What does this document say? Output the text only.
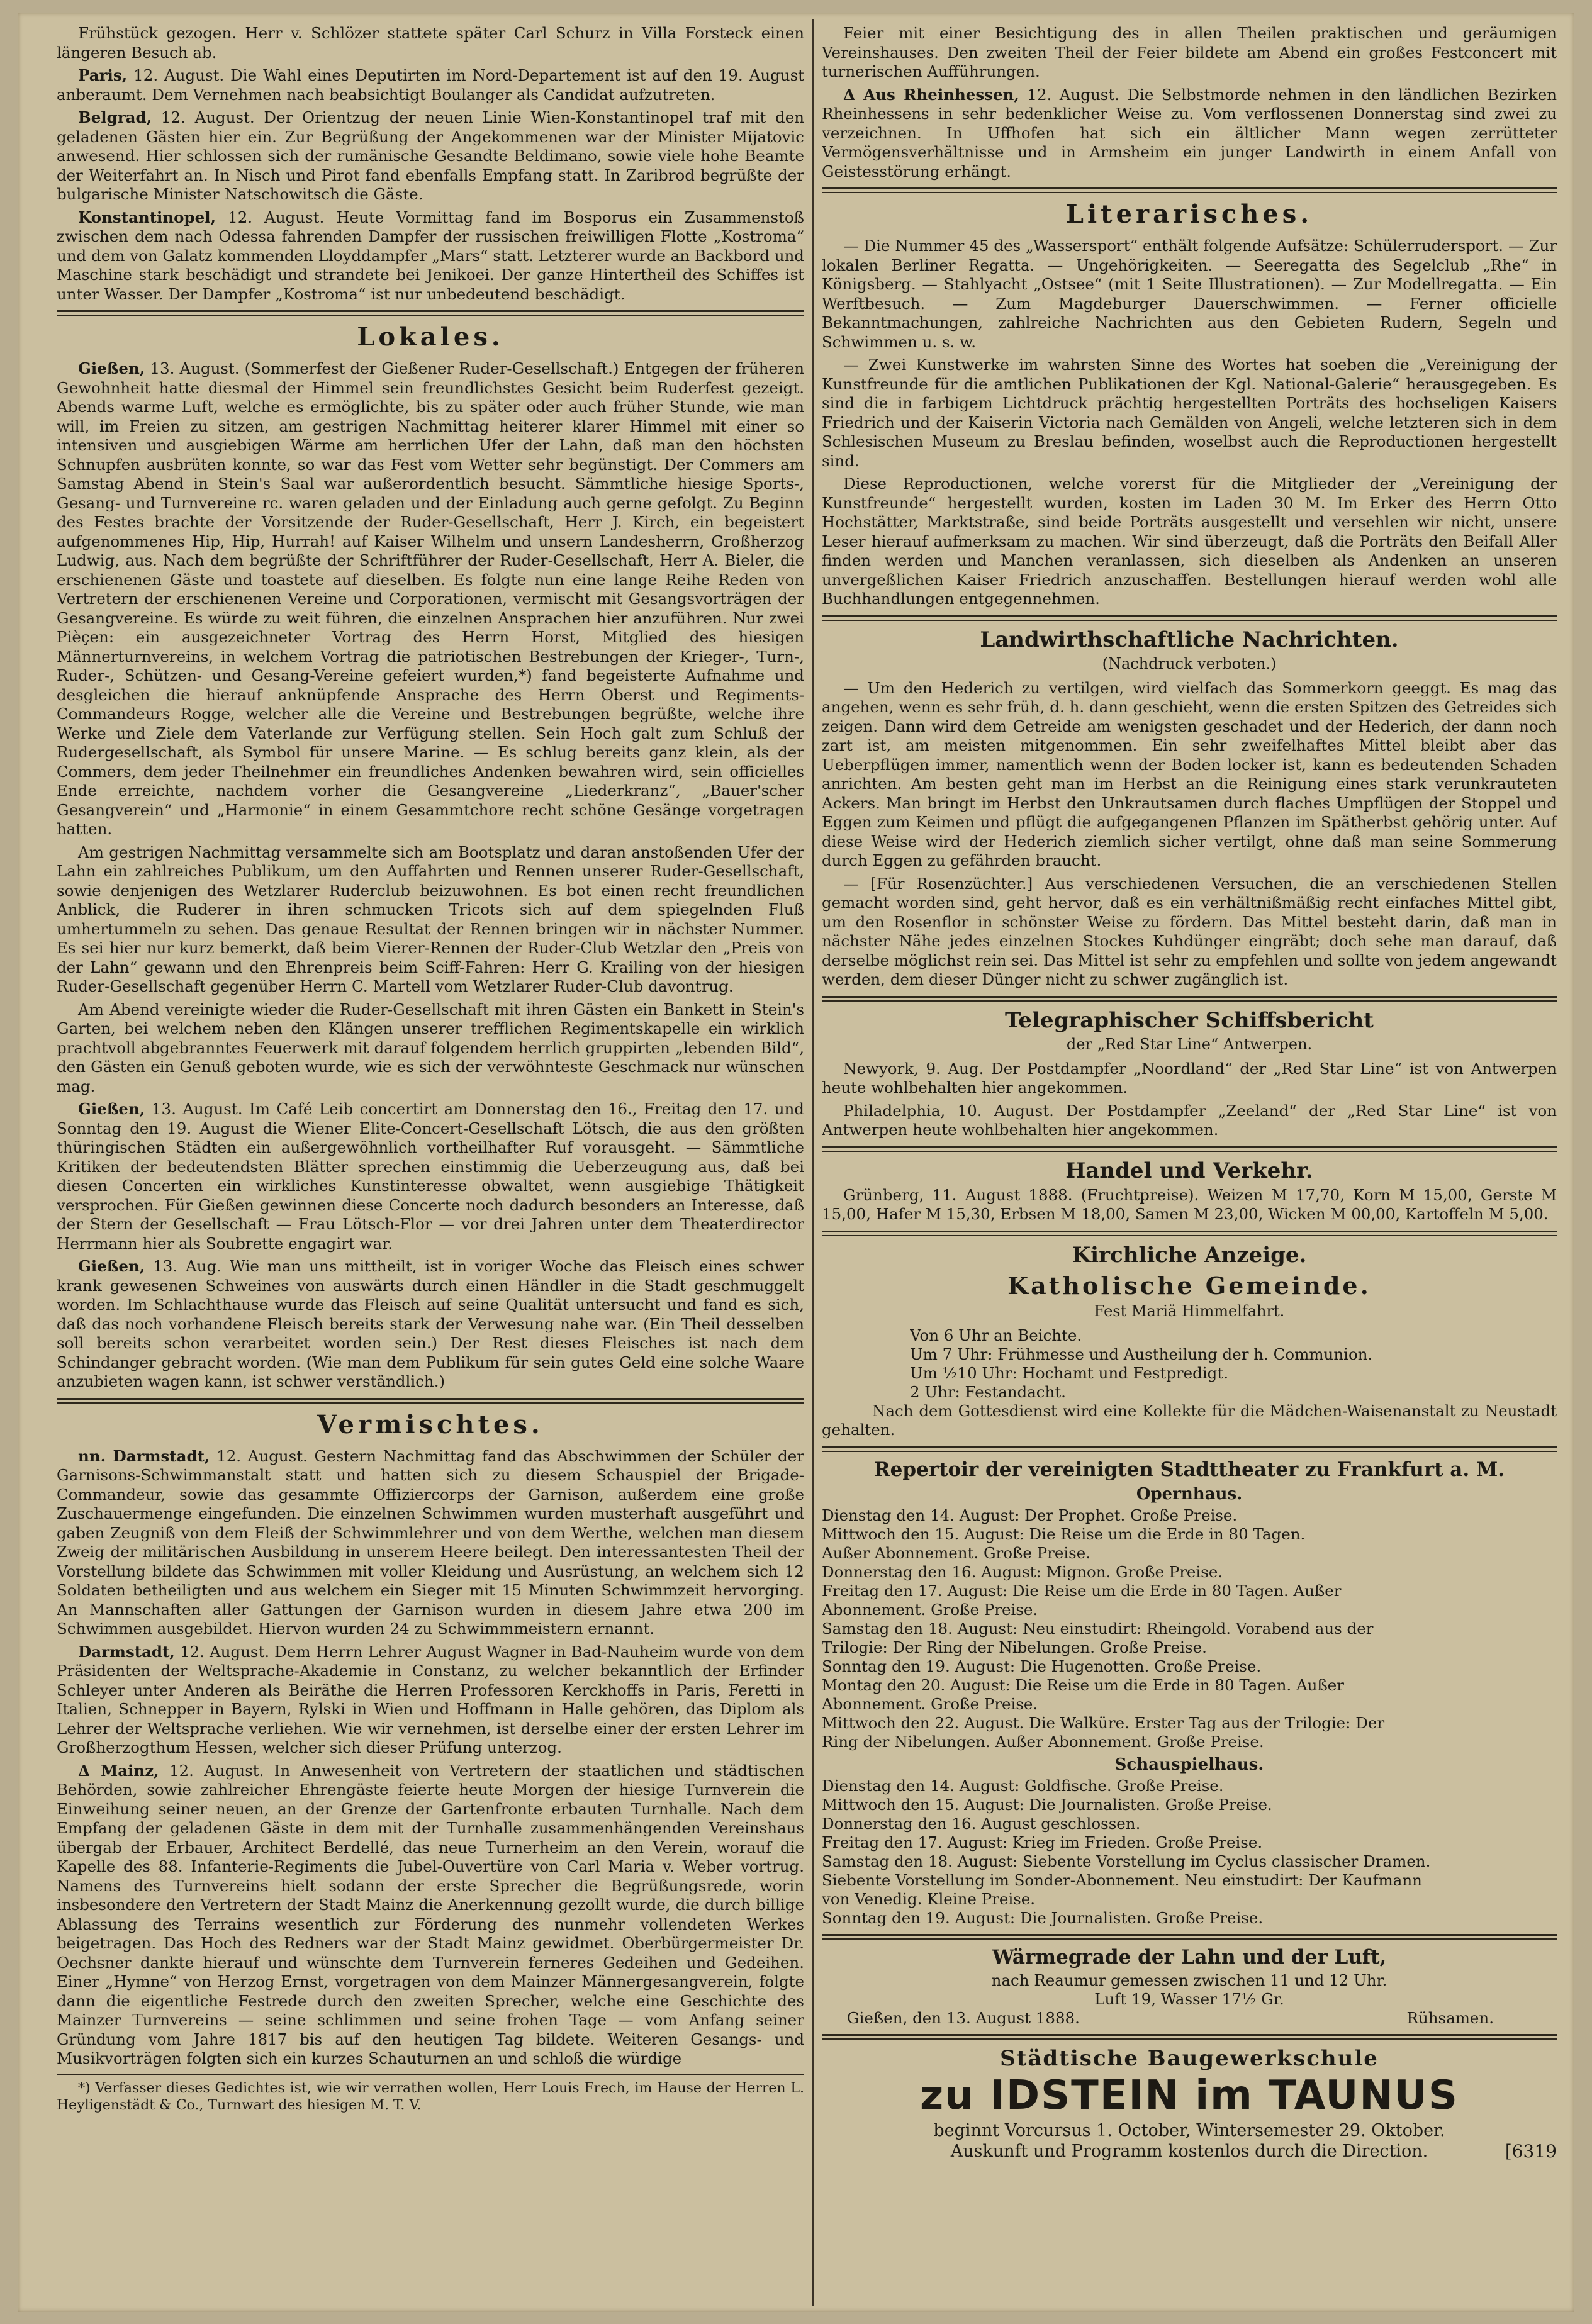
Frühstück gezogen. Herr v. Schlözer stattete später Carl Schurz in Villa Forsteck einen längeren Besuch ab.

Paris, 12. August. Die Wahl eines Deputirten im Nord-Departement ist auf den 19. August anberaumt. Dem Vernehmen nach beabsichtigt Boulanger als Candidat aufzutreten.

Belgrad, 12. August. Der Orientzug der neuen Linie Wien-Konstantinopel traf mit den geladenen Gästen hier ein. Zur Begrüßung der Angekommenen war der Minister Mijatovic anwesend. Hier schlossen sich der rumänische Gesandte Beldimano, sowie viele hohe Beamte der Weiterfahrt an. In Nisch und Pirot fand ebenfalls Empfang statt. In Zaribrod begrüßte der bulgarische Minister Natschowitsch die Gäste.

Konstantinopel, 12. August. Heute Vormittag fand im Bosporus ein Zusammenstoß zwischen dem nach Odessa fahrenden Dampfer der russischen freiwilligen Flotte „Kostroma“ und dem von Galatz kommenden Lloyddampfer „Mars“ statt. Letzterer wurde an Backbord und Maschine stark beschädigt und strandete bei Jenikoei. Der ganze Hintertheil des Schiffes ist unter Wasser. Der Dampfer „Kostroma“ ist nur unbedeutend beschädigt.

Lokales.

Gießen, 13. August. (Sommerfest der Gießener Ruder-Gesellschaft.) Entgegen der früheren Gewohnheit hatte diesmal der Himmel sein freundlichstes Gesicht beim Ruderfest gezeigt. Abends warme Luft, welche es ermöglichte, bis zu später oder auch früher Stunde, wie man will, im Freien zu sitzen, am gestrigen Nachmittag heiterer klarer Himmel mit einer so intensiven und ausgiebigen Wärme am herrlichen Ufer der Lahn, daß man den höchsten Schnupfen ausbrüten konnte, so war das Fest vom Wetter sehr begünstigt. Der Commers am Samstag Abend in Stein's Saal war außerordentlich besucht. Sämmtliche hiesige Sports-, Gesang- und Turnvereine rc. waren geladen und der Einladung auch gerne gefolgt. Zu Beginn des Festes brachte der Vorsitzende der Ruder-Gesellschaft, Herr J. Kirch, ein begeistert aufgenommenes Hip, Hip, Hurrah! auf Kaiser Wilhelm und unsern Landesherrn, Großherzog Ludwig, aus. Nach dem begrüßte der Schriftführer der Ruder-Gesellschaft, Herr A. Bieler, die erschienenen Gäste und toastete auf dieselben. Es folgte nun eine lange Reihe Reden von Vertretern der erschienenen Vereine und Corporationen, vermischt mit Gesangsvorträgen der Gesangvereine. Es würde zu weit führen, die einzelnen Ansprachen hier anzuführen. Nur zwei Pièçen: ein ausgezeichneter Vortrag des Herrn Horst, Mitglied des hiesigen Männerturnvereins, in welchem Vortrag die patriotischen Bestrebungen der Krieger-, Turn-, Ruder-, Schützen- und Gesang-Vereine gefeiert wurden,*) fand begeisterte Aufnahme und desgleichen die hierauf anknüpfende Ansprache des Herrn Oberst und Regiments-Commandeurs Rogge, welcher alle die Vereine und Bestrebungen begrüßte, welche ihre Werke und Ziele dem Vaterlande zur Verfügung stellen. Sein Hoch galt zum Schluß der Rudergesellschaft, als Symbol für unsere Marine. — Es schlug bereits ganz klein, als der Commers, dem jeder Theilnehmer ein freundliches Andenken bewahren wird, sein officielles Ende erreichte, nachdem vorher die Gesangvereine „Liederkranz“, „Bauer'scher Gesangverein“ und „Harmonie“ in einem Gesammtchore recht schöne Gesänge vorgetragen hatten.

Am gestrigen Nachmittag versammelte sich am Bootsplatz und daran anstoßenden Ufer der Lahn ein zahlreiches Publikum, um den Auffahrten und Rennen unserer Ruder-Gesellschaft, sowie denjenigen des Wetzlarer Ruderclub beizuwohnen. Es bot einen recht freundlichen Anblick, die Ruderer in ihren schmucken Tricots sich auf dem spiegelnden Fluß umhertummeln zu sehen. Das genaue Resultat der Rennen bringen wir in nächster Nummer. Es sei hier nur kurz bemerkt, daß beim Vierer-Rennen der Ruder-Club Wetzlar den „Preis von der Lahn“ gewann und den Ehrenpreis beim Sciff-Fahren: Herr G. Krailing von der hiesigen Ruder-Gesellschaft gegenüber Herrn C. Martell vom Wetzlarer Ruder-Club davontrug.

Am Abend vereinigte wieder die Ruder-Gesellschaft mit ihren Gästen ein Bankett in Stein's Garten, bei welchem neben den Klängen unserer trefflichen Regimentskapelle ein wirklich prachtvoll abgebranntes Feuerwerk mit darauf folgendem herrlich gruppirten „lebenden Bild“, den Gästen ein Genuß geboten wurde, wie es sich der verwöhnteste Geschmack nur wünschen mag.

Gießen, 13. August. Im Café Leib concertirt am Donnerstag den 16., Freitag den 17. und Sonntag den 19. August die Wiener Elite-Concert-Gesellschaft Lötsch, die aus den größten thüringischen Städten ein außergewöhnlich vortheilhafter Ruf vorausgeht. — Sämmtliche Kritiken der bedeutendsten Blätter sprechen einstimmig die Ueberzeugung aus, daß bei diesen Concerten ein wirkliches Kunstinteresse obwaltet, wenn ausgiebige Thätigkeit versprochen. Für Gießen gewinnen diese Concerte noch dadurch besonders an Interesse, daß der Stern der Gesellschaft — Frau Lötsch-Flor — vor drei Jahren unter dem Theaterdirector Herrmann hier als Soubrette engagirt war.

Gießen, 13. Aug. Wie man uns mittheilt, ist in voriger Woche das Fleisch eines schwer krank gewesenen Schweines von auswärts durch einen Händler in die Stadt geschmuggelt worden. Im Schlachthause wurde das Fleisch auf seine Qualität untersucht und fand es sich, daß das noch vorhandene Fleisch bereits stark der Verwesung nahe war. (Ein Theil desselben soll bereits schon verarbeitet worden sein.) Der Rest dieses Fleisches ist nach dem Schindanger gebracht worden. (Wie man dem Publikum für sein gutes Geld eine solche Waare anzubieten wagen kann, ist schwer verständlich.)

Vermischtes.

nn. Darmstadt, 12. August. Gestern Nachmittag fand das Abschwimmen der Schüler der Garnisons-Schwimmanstalt statt und hatten sich zu diesem Schauspiel der Brigade-Commandeur, sowie das gesammte Offiziercorps der Garnison, außerdem eine große Zuschauermenge eingefunden. Die einzelnen Schwimmen wurden musterhaft ausgeführt und gaben Zeugniß von dem Fleiß der Schwimmlehrer und von dem Werthe, welchen man diesem Zweig der militärischen Ausbildung in unserem Heere beilegt. Den interessantesten Theil der Vorstellung bildete das Schwimmen mit voller Kleidung und Ausrüstung, an welchem sich 12 Soldaten betheiligten und aus welchem ein Sieger mit 15 Minuten Schwimmzeit hervorging. An Mannschaften aller Gattungen der Garnison wurden in diesem Jahre etwa 200 im Schwimmen ausgebildet. Hiervon wurden 24 zu Schwimmmeistern ernannt.

Darmstadt, 12. August. Dem Herrn Lehrer August Wagner in Bad-Nauheim wurde von dem Präsidenten der Weltsprache-Akademie in Constanz, zu welcher bekanntlich der Erfinder Schleyer unter Anderen als Beiräthe die Herren Professoren Kerckhoffs in Paris, Feretti in Italien, Schnepper in Bayern, Rylski in Wien und Hoffmann in Halle gehören, das Diplom als Lehrer der Weltsprache verliehen. Wie wir vernehmen, ist derselbe einer der ersten Lehrer im Großherzogthum Hessen, welcher sich dieser Prüfung unterzog.

Δ Mainz, 12. August. In Anwesenheit von Vertretern der staatlichen und städtischen Behörden, sowie zahlreicher Ehrengäste feierte heute Morgen der hiesige Turnverein die Einweihung seiner neuen, an der Grenze der Gartenfronte erbauten Turnhalle. Nach dem Empfang der geladenen Gäste in dem mit der Turnhalle zusammenhängenden Vereinshaus übergab der Erbauer, Architect Berdellé, das neue Turnerheim an den Verein, worauf die Kapelle des 88. Infanterie-Regiments die Jubel-Ouvertüre von Carl Maria v. Weber vortrug. Namens des Turnvereins hielt sodann der erste Sprecher die Begrüßungsrede, worin insbesondere den Vertretern der Stadt Mainz die Anerkennung gezollt wurde, die durch billige Ablassung des Terrains wesentlich zur Förderung des nunmehr vollendeten Werkes beigetragen. Das Hoch des Redners war der Stadt Mainz gewidmet. Oberbürgermeister Dr. Oechsner dankte hierauf und wünschte dem Turnverein ferneres Gedeihen und Gedeihen. Einer „Hymne“ von Herzog Ernst, vorgetragen von dem Mainzer Männergesangverein, folgte dann die eigentliche Festrede durch den zweiten Sprecher, welche eine Geschichte des Mainzer Turnvereins — seine schlimmen und seine frohen Tage — vom Anfang seiner Gründung vom Jahre 1817 bis auf den heutigen Tag bildete. Weiteren Gesangs- und Musikvorträgen folgten sich ein kurzes Schauturnen an und schloß die würdige

*) Verfasser dieses Gedichtes ist, wie wir verrathen wollen, Herr Louis Frech, im Hause der Herren L. Heyligenstädt & Co., Turnwart des hiesigen M. T. V.

Feier mit einer Besichtigung des in allen Theilen praktischen und geräumigen Vereinshauses. Den zweiten Theil der Feier bildete am Abend ein großes Festconcert mit turnerischen Aufführungen.

Δ Aus Rheinhessen, 12. August. Die Selbstmorde nehmen in den ländlichen Bezirken Rheinhessens in sehr bedenklicher Weise zu. Vom verflossenen Donnerstag sind zwei zu verzeichnen. In Uffhofen hat sich ein ältlicher Mann wegen zerrütteter Vermögensverhältnisse und in Armsheim ein junger Landwirth in einem Anfall von Geistesstörung erhängt.

Literarisches.

— Die Nummer 45 des „Wassersport“ enthält folgende Aufsätze: Schülerrudersport. — Zur lokalen Berliner Regatta. — Ungehörigkeiten. — Seeregatta des Segelclub „Rhe“ in Königsberg. — Stahlyacht „Ostsee“ (mit 1 Seite Illustrationen). — Zur Modellregatta. — Ein Werftbesuch. — Zum Magdeburger Dauerschwimmen. — Ferner officielle Bekanntmachungen, zahlreiche Nachrichten aus den Gebieten Rudern, Segeln und Schwimmen u. s. w.

— Zwei Kunstwerke im wahrsten Sinne des Wortes hat soeben die „Vereinigung der Kunstfreunde für die amtlichen Publikationen der Kgl. National-Galerie“ herausgegeben. Es sind die in farbigem Lichtdruck prächtig hergestellten Porträts des hochseligen Kaisers Friedrich und der Kaiserin Victoria nach Gemälden von Angeli, welche letzteren sich in dem Schlesischen Museum zu Breslau befinden, woselbst auch die Reproductionen hergestellt sind.

Diese Reproductionen, welche vorerst für die Mitglieder der „Vereinigung der Kunstfreunde“ hergestellt wurden, kosten im Laden 30 M. Im Erker des Herrn Otto Hochstätter, Marktstraße, sind beide Porträts ausgestellt und versehlen wir nicht, unsere Leser hierauf aufmerksam zu machen. Wir sind überzeugt, daß die Porträts den Beifall Aller finden werden und Manchen veranlassen, sich dieselben als Andenken an unseren unvergeßlichen Kaiser Friedrich anzuschaffen. Bestellungen hierauf werden wohl alle Buchhandlungen entgegennehmen.

Landwirthschaftliche Nachrichten.
(Nachdruck verboten.)

— Um den Hederich zu vertilgen, wird vielfach das Sommerkorn geeggt. Es mag das angehen, wenn es sehr früh, d. h. dann geschieht, wenn die ersten Spitzen des Getreides sich zeigen. Dann wird dem Getreide am wenigsten geschadet und der Hederich, der dann noch zart ist, am meisten mitgenommen. Ein sehr zweifelhaftes Mittel bleibt aber das Ueberpflügen immer, namentlich wenn der Boden locker ist, kann es bedeutenden Schaden anrichten. Am besten geht man im Herbst an die Reinigung eines stark verunkrauteten Ackers. Man bringt im Herbst den Unkrautsamen durch flaches Umpflügen der Stoppel und Eggen zum Keimen und pflügt die aufgegangenen Pflanzen im Spätherbst gehörig unter. Auf diese Weise wird der Hederich ziemlich sicher vertilgt, ohne daß man seine Sommerung durch Eggen zu gefährden braucht.

— [Für Rosenzüchter.] Aus verschiedenen Versuchen, die an verschiedenen Stellen gemacht worden sind, geht hervor, daß es ein verhältnißmäßig recht einfaches Mittel gibt, um den Rosenflor in schönster Weise zu fördern. Das Mittel besteht darin, daß man in nächster Nähe jedes einzelnen Stockes Kuhdünger eingräbt; doch sehe man darauf, daß derselbe möglichst rein sei. Das Mittel ist sehr zu empfehlen und sollte von jedem angewandt werden, dem dieser Dünger nicht zu schwer zugänglich ist.

Telegraphischer Schiffsbericht
der „Red Star Line“ Antwerpen.

Newyork, 9. Aug. Der Postdampfer „Noordland“ der „Red Star Line“ ist von Antwerpen heute wohlbehalten hier angekommen.

Philadelphia, 10. August. Der Postdampfer „Zeeland“ der „Red Star Line“ ist von Antwerpen heute wohlbehalten hier angekommen.

Handel und Verkehr.

Grünberg, 11. August 1888. (Fruchtpreise). Weizen M 17,70, Korn M 15,00, Gerste M 15,00, Hafer M 15,30, Erbsen M 18,00, Samen M 23,00, Wicken M 00,00, Kartoffeln M 5,00.

Kirchliche Anzeige.
Katholische Gemeinde.
Fest Mariä Himmelfahrt.
Von 6 Uhr an Beichte.
Um 7 Uhr: Frühmesse und Austheilung der h. Communion.
Um ½10 Uhr: Hochamt und Festpredigt.
2 Uhr: Festandacht.

Nach dem Gottesdienst wird eine Kollekte für die Mädchen-Waisenanstalt zu Neustadt gehalten.

Repertoir der vereinigten Stadttheater zu Frankfurt a. M.
Opernhaus.
Dienstag den 14. August: Der Prophet. Große Preise.
Mittwoch den 15. August: Die Reise um die Erde in 80 Tagen.
Außer Abonnement. Große Preise.
Donnerstag den 16. August: Mignon. Große Preise.
Freitag den 17. August: Die Reise um die Erde in 80 Tagen. Außer
Abonnement. Große Preise.
Samstag den 18. August: Neu einstudirt: Rheingold. Vorabend aus der
Trilogie: Der Ring der Nibelungen. Große Preise.
Sonntag den 19. August: Die Hugenotten. Große Preise.
Montag den 20. August: Die Reise um die Erde in 80 Tagen. Außer
Abonnement. Große Preise.
Mittwoch den 22. August. Die Walküre. Erster Tag aus der Trilogie: Der
Ring der Nibelungen. Außer Abonnement. Große Preise.
Schauspielhaus.
Dienstag den 14. August: Goldfische. Große Preise.
Mittwoch den 15. August: Die Journalisten. Große Preise.
Donnerstag den 16. August geschlossen.
Freitag den 17. August: Krieg im Frieden. Große Preise.
Samstag den 18. August: Siebente Vorstellung im Cyclus classischer Dramen.
Siebente Vorstellung im Sonder-Abonnement. Neu einstudirt: Der Kaufmann
von Venedig. Kleine Preise.
Sonntag den 19. August: Die Journalisten. Große Preise.
Wärmegrade der Lahn und der Luft,
nach Reaumur gemessen zwischen 11 und 12 Uhr.
Luft 19, Wasser 17½ Gr.
Gießen, den 13. August 1888.	Rühsamen.
Städtische Baugewerkschule
zu IDSTEIN im TAUNUS
beginnt Vorcursus 1. October, Wintersemester 29. Oktober.
Auskunft und Programm kostenlos durch die Direction.	[6319
